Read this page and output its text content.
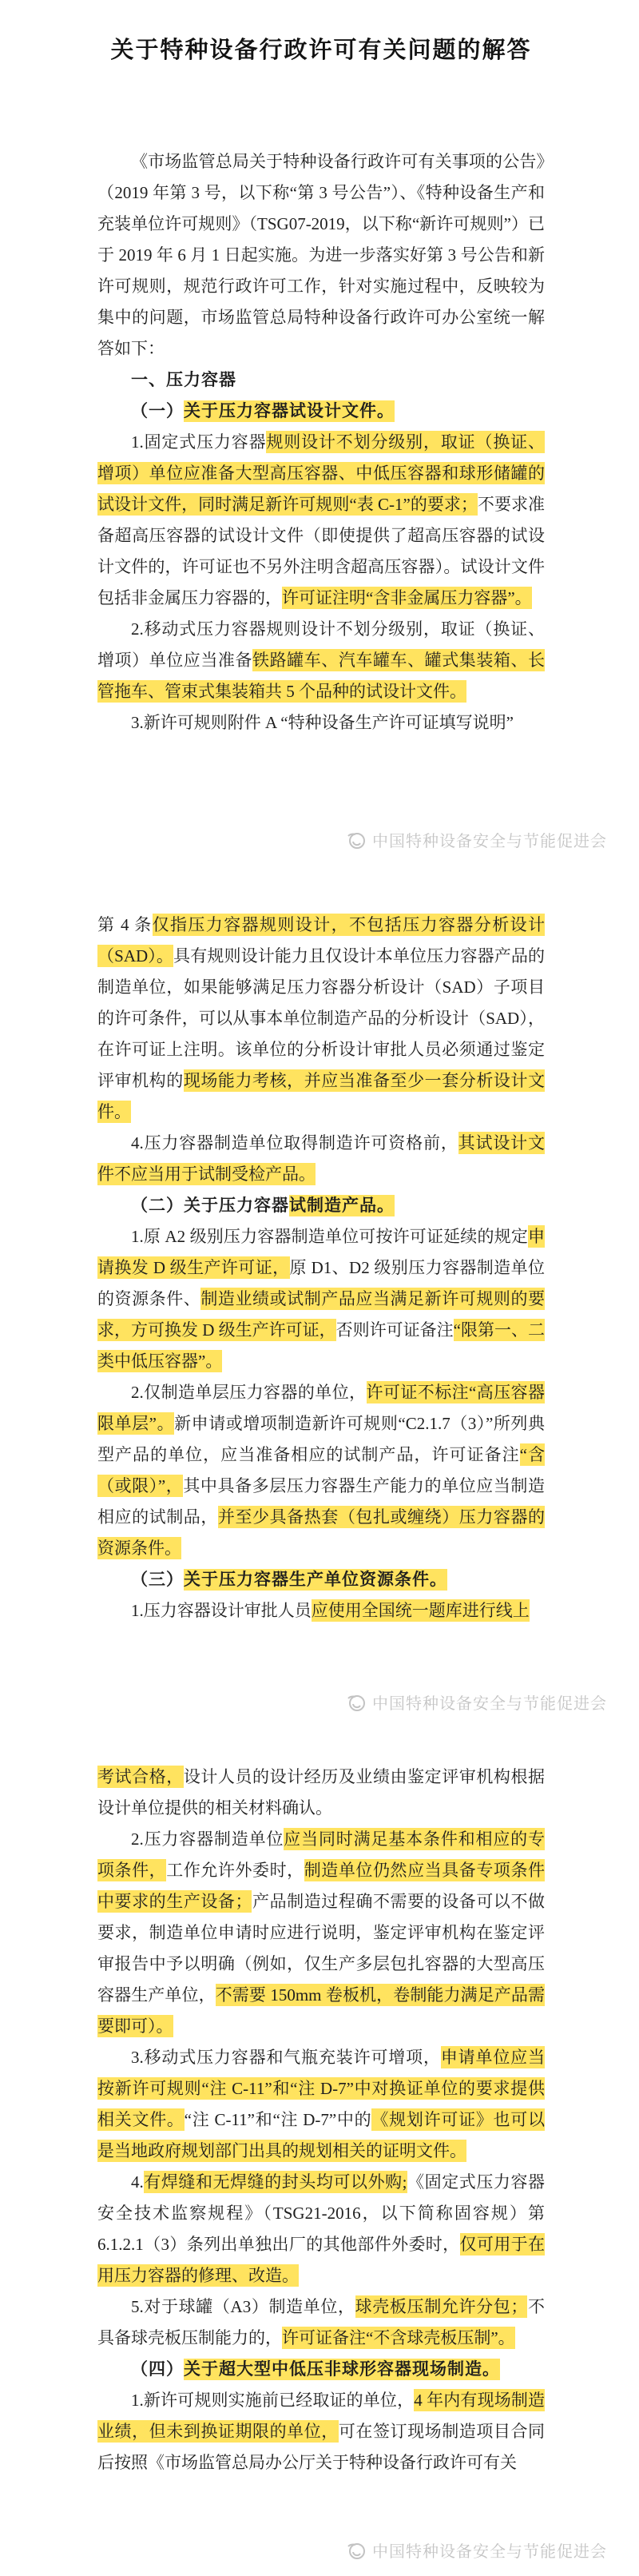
关于特种设备行政许可有关问题的解答

《市场监管总局关于特种设备行政许可有关事项的公告》（2019 年第 3 号，以下称“第 3 号公告”）、《特种设备生产和充装单位许可规则》（TSG07-2019，以下称“新许可规则”）已于 2019 年 6 月 1 日起实施。为进一步落实好第 3 号公告和新许可规则，规范行政许可工作，针对实施过程中，反映较为集中的问题，市场监管总局特种设备行政许可办公室统一解答如下：

一、压力容器

（一）关于压力容器试设计文件。

1.固定式压力容器规则设计不划分级别，取证（换证、增项）单位应准备大型高压容器、中低压容器和球形储罐的试设计文件，同时满足新许可规则“表 C-1”的要求；不要求准备超高压容器的试设计文件（即使提供了超高压容器的试设计文件的，许可证也不另外注明含超高压容器）。试设计文件包括非金属压力容器的，许可证注明“含非金属压力容器”。

2.移动式压力容器规则设计不划分级别，取证（换证、增项）单位应当准备铁路罐车、汽车罐车、罐式集装箱、长管拖车、管束式集装箱共 5 个品种的试设计文件。

3.新许可规则附件 A “特种设备生产许可证填写说明”

中国特种设备安全与节能促进会

第 4 条仅指压力容器规则设计，不包括压力容器分析设计（SAD）。具有规则设计能力且仅设计本单位压力容器产品的制造单位，如果能够满足压力容器分析设计（SAD）子项目的许可条件，可以从事本单位制造产品的分析设计（SAD），在许可证上注明。该单位的分析设计审批人员必须通过鉴定评审机构的现场能力考核，并应当准备至少一套分析设计文件。

4.压力容器制造单位取得制造许可资格前，其试设计文件不应当用于试制受检产品。

（二）关于压力容器试制造产品。

1.原 A2 级别压力容器制造单位可按许可证延续的规定申请换发 D 级生产许可证，原 D1、D2 级别压力容器制造单位的资源条件、制造业绩或试制产品应当满足新许可规则的要求，方可换发 D 级生产许可证，否则许可证备注“限第一、二类中低压容器”。

2.仅制造单层压力容器的单位，许可证不标注“高压容器限单层”。新申请或增项制造新许可规则“C2.1.7（3）”所列典型产品的单位，应当准备相应的试制产品，许可证备注“含（或限）”，其中具备多层压力容器生产能力的单位应当制造相应的试制品，并至少具备热套（包扎或缠绕）压力容器的资源条件。

（三）关于压力容器生产单位资源条件。

1.压力容器设计审批人员应使用全国统一题库进行线上

中国特种设备安全与节能促进会

考试合格，设计人员的设计经历及业绩由鉴定评审机构根据设计单位提供的相关材料确认。

2.压力容器制造单位应当同时满足基本条件和相应的专项条件，工作允许外委时，制造单位仍然应当具备专项条件中要求的生产设备；产品制造过程确不需要的设备可以不做要求，制造单位申请时应进行说明，鉴定评审机构在鉴定评审报告中予以明确（例如，仅生产多层包扎容器的大型高压容器生产单位，不需要 150mm 卷板机，卷制能力满足产品需要即可）。

3.移动式压力容器和气瓶充装许可增项，申请单位应当按新许可规则“注 C-11”和“注 D-7”中对换证单位的要求提供相关文件。“注 C-11”和“注 D-7”中的《规划许可证》也可以是当地政府规划部门出具的规划相关的证明文件。

4.有焊缝和无焊缝的封头均可以外购;《固定式压力容器安全技术监察规程》（TSG21-2016，以下简称固容规）第 6.1.2.1（3）条列出单独出厂的其他部件外委时，仅可用于在用压力容器的修理、改造。

5.对于球罐（A3）制造单位，球壳板压制允许分包；不具备球壳板压制能力的，许可证备注“不含球壳板压制”。

（四）关于超大型中低压非球形容器现场制造。

1.新许可规则实施前已经取证的单位，4 年内有现场制造业绩，但未到换证期限的单位，可在签订现场制造项目合同后按照《市场监管总局办公厅关于特种设备行政许可有关

中国特种设备安全与节能促进会
